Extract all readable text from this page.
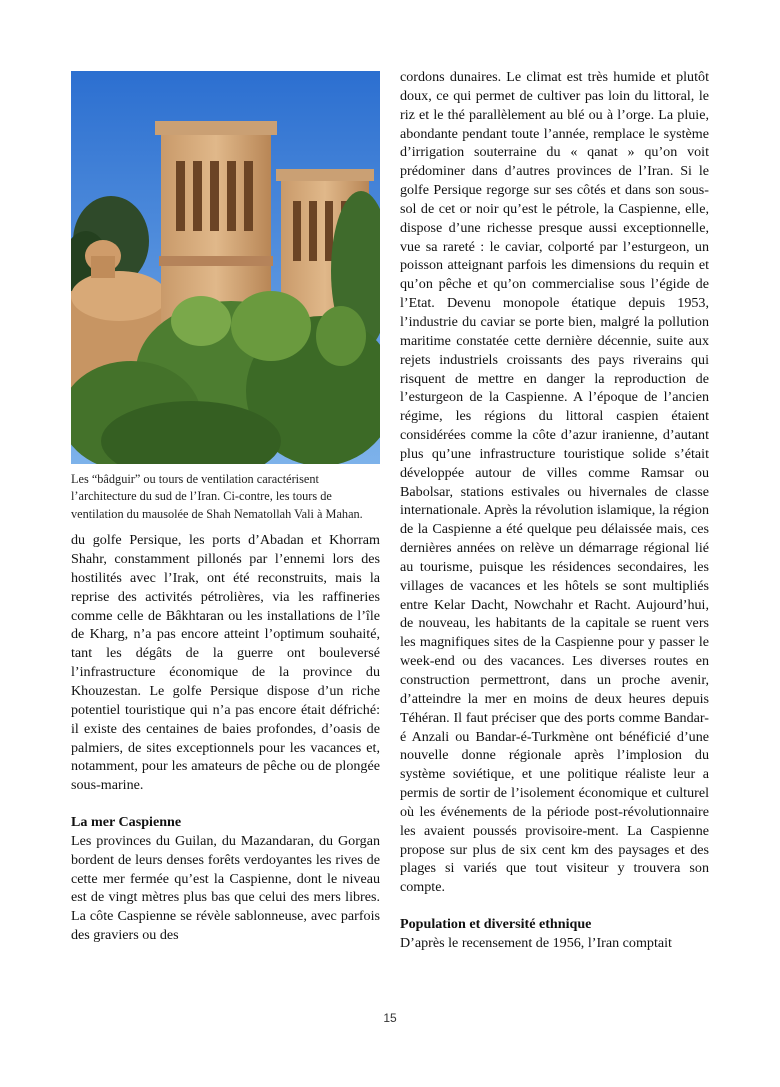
Les “bâdguir” ou tours de ventilation caractérisent l’architecture du sud de l’Iran. Ci-contre, les tours de ventilation du mausolée de Shah Nematollah Vali à Mahan.

du golfe Persique, les ports d’Abadan et Khorram Shahr, constamment pillonés par l’ennemi lors des hostilités avec l’Irak, ont été reconstruits, mais la reprise des activités pétrolières, via les raffineries comme celle de Bâkhtaran ou les installations de l’île de Kharg, n’a pas encore atteint l’optimum souhaité, tant les dégâts de la guerre ont bouleversé l’infrastructure économique de la province du Khouzestan. Le golfe Persique dispose d’un riche potentiel touristique qui n’a pas encore était défriché: il existe des centaines de baies profondes, d’oasis de palmiers, de sites exceptionnels pour les vacances et, notamment, pour les amateurs de pêche ou de plongée sous-marine.

La mer Caspienne

Les provinces du Guilan, du Mazandaran, du Gorgan bordent de leurs denses forêts verdoyantes les rives de cette mer fermée qu’est la Caspienne, dont le niveau est de vingt mètres plus bas que celui des mers libres. La côte Caspienne se révèle sablonneuse, avec parfois des graviers ou des

cordons dunaires. Le climat est très humide et plutôt doux, ce qui permet de cultiver pas loin du littoral, le riz et le thé parallèlement au blé ou à l’orge. La pluie, abondante pendant toute l’année, remplace le système d’irrigation souterraine du « qanat » qu’on voit prédominer dans d’autres provinces de l’Iran. Si le golfe Persique regorge sur ses côtés et dans son sous-sol de cet or noir qu’est le pétrole, la Caspienne, elle, dispose d’une richesse presque aussi exceptionnelle, vue sa rareté : le caviar, colporté par l’esturgeon, un poisson atteignant parfois les dimensions du requin et qu’on pêche et qu’on commercialise sous l’égide de l’Etat. Devenu monopole étatique depuis 1953, l’industrie du caviar se porte bien, malgré la pollution maritime constatée cette dernière décennie, suite aux rejets industriels croissants des pays riverains qui risquent de mettre en danger la reproduction de l’esturgeon de la Caspienne. A l’époque de l’ancien régime, les régions du littoral caspien étaient considérées comme la côte d’azur iranienne, d’autant plus qu’une infrastructure touristique solide s’était développée autour de villes comme Ramsar ou Babolsar, stations estivales ou hivernales de classe internationale. Après la révolution islamique, la région de la Caspienne a été quelque peu délaissée mais, ces dernières années on relève un démarrage régional lié au tourisme, puisque les résidences secondaires, les villages de vacances et les hôtels se sont multipliés entre Kelar Dacht, Nowchahr et Racht. Aujourd’hui, de nouveau, les habitants de la capitale se ruent vers les magnifiques sites de la Caspienne pour y passer le week-end ou des vacances. Les diverses routes en construction permettront, dans un proche avenir, d’atteindre la mer en moins de deux heures depuis Téhéran. Il faut préciser que des ports comme Bandar-é Anzali ou Bandar-é-Turkmène ont bénéficié d’une nouvelle donne régionale après l’implosion du système soviétique, et une politique réaliste leur a permis de sortir de l’isolement économique et culturel où les événements de la période post-révolutionnaire les avaient poussés provisoire-ment. La Caspienne propose sur plus de six cent km des paysages et des plages si variés que tout visiteur y trouvera son compte.

Population et diversité ethnique

D’après le recensement de 1956, l’Iran comptait

15
